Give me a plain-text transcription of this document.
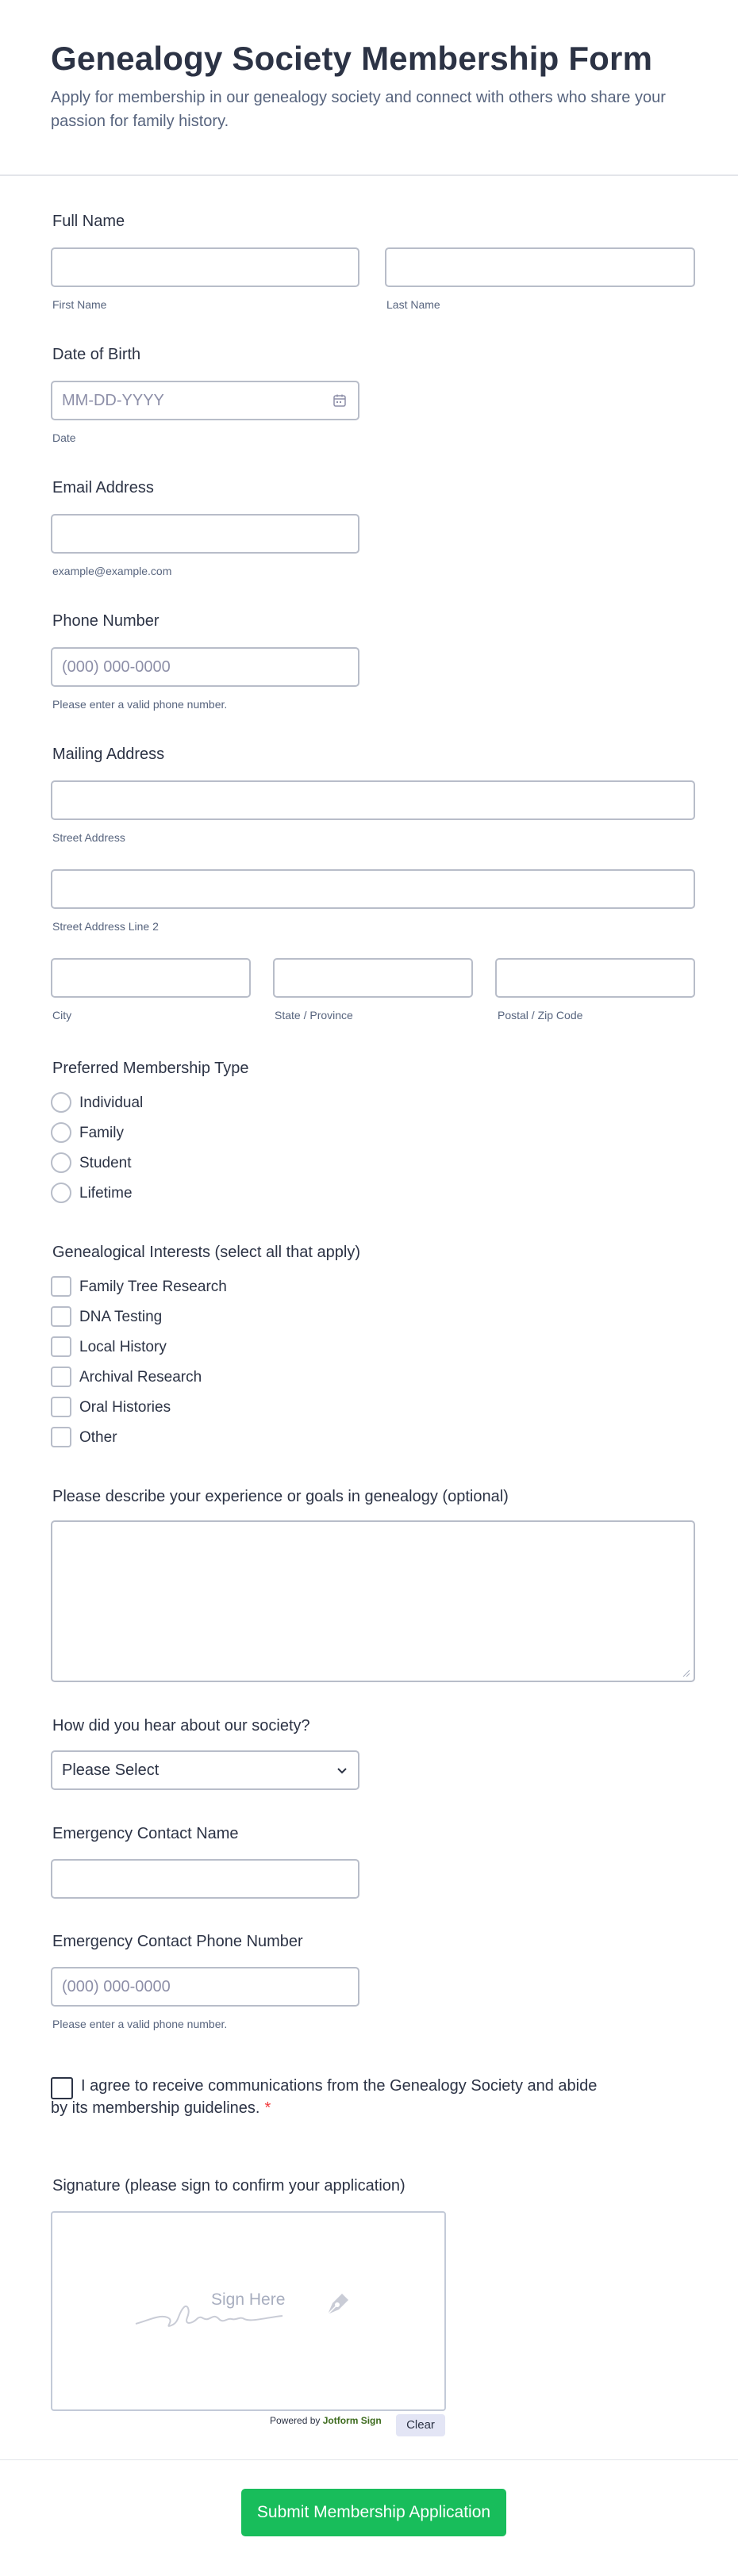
Genealogy Society Membership Form
Apply for membership in our genealogy society and connect with others who share your passion for family history.
Full Name
First Name	Last Name
Date of Birth
MM-DD-YYYY
Date
Email Address
example@example.com
Phone Number
(000) 000-0000
Please enter a valid phone number.
Mailing Address
Street Address
Street Address Line 2
City	State / Province	Postal / Zip Code
Preferred Membership Type
Individual
Family
Student
Lifetime
Genealogical Interests (select all that apply)
Family Tree Research
DNA Testing
Local History
Archival Research
Oral Histories
Other
Please describe your experience or goals in genealogy (optional)
How did you hear about our society?
Please Select
Emergency Contact Name
Emergency Contact Phone Number
(000) 000-0000
Please enter a valid phone number.
I agree to receive communications from the Genealogy Society and abide by its membership guidelines. *
Signature (please sign to confirm your application)
Sign Here
Powered by Jotform Sign	Clear
Submit Membership Application
